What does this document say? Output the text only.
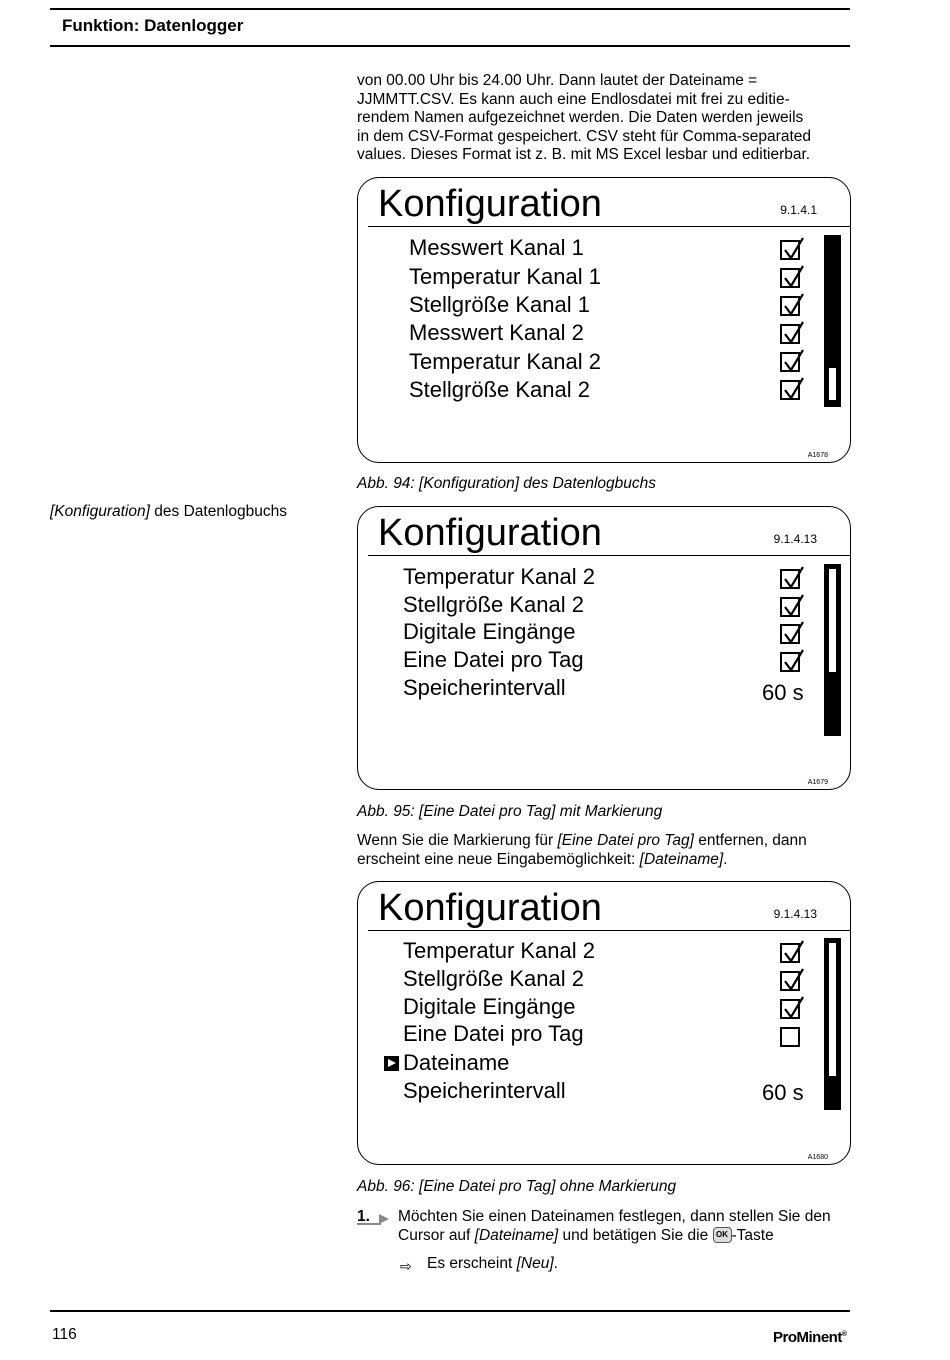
Funktion: Datenlogger
von 00.00 Uhr bis 24.00 Uhr. Dann lautet der Dateiname =
JJMMTT.CSV. Es kann auch eine Endlosdatei mit frei zu editie-
rendem Namen aufgezeichnet werden. Die Daten werden jeweils
in dem CSV-Format gespeichert. CSV steht für Comma-separated
values. Dieses Format ist z. B. mit MS Excel lesbar und editierbar.
[Konfiguration] des Datenlogbuchs
Konfiguration	9.1.4.1
Messwert Kanal 1
Temperatur Kanal 1
Stellgröße Kanal 1
Messwert Kanal 2
Temperatur Kanal 2
Stellgröße Kanal 2
A1678
Abb. 94: [Konfiguration] des Datenlogbuchs
Konfiguration	9.1.4.13
Temperatur Kanal 2
Stellgröße Kanal 2
Digitale Eingänge
Eine Datei pro Tag
Speicherintervall	60 s
A1679
Abb. 95: [Eine Datei pro Tag] mit Markierung
Wenn Sie die Markierung für [Eine Datei pro Tag] entfernen, dann erscheint eine neue Eingabemöglichkeit: [Dateiname].
Konfiguration	9.1.4.13
Temperatur Kanal 2
Stellgröße Kanal 2
Digitale Eingänge
Eine Datei pro Tag
Dateiname
Speicherintervall	60 s
A1680
Abb. 96: [Eine Datei pro Tag] ohne Markierung
1. Möchten Sie einen Dateinamen festlegen, dann stellen Sie den Cursor auf [Dateiname] und betätigen Sie die OK -Taste
⇨ Es erscheint [Neu].
116	ProMinent®
